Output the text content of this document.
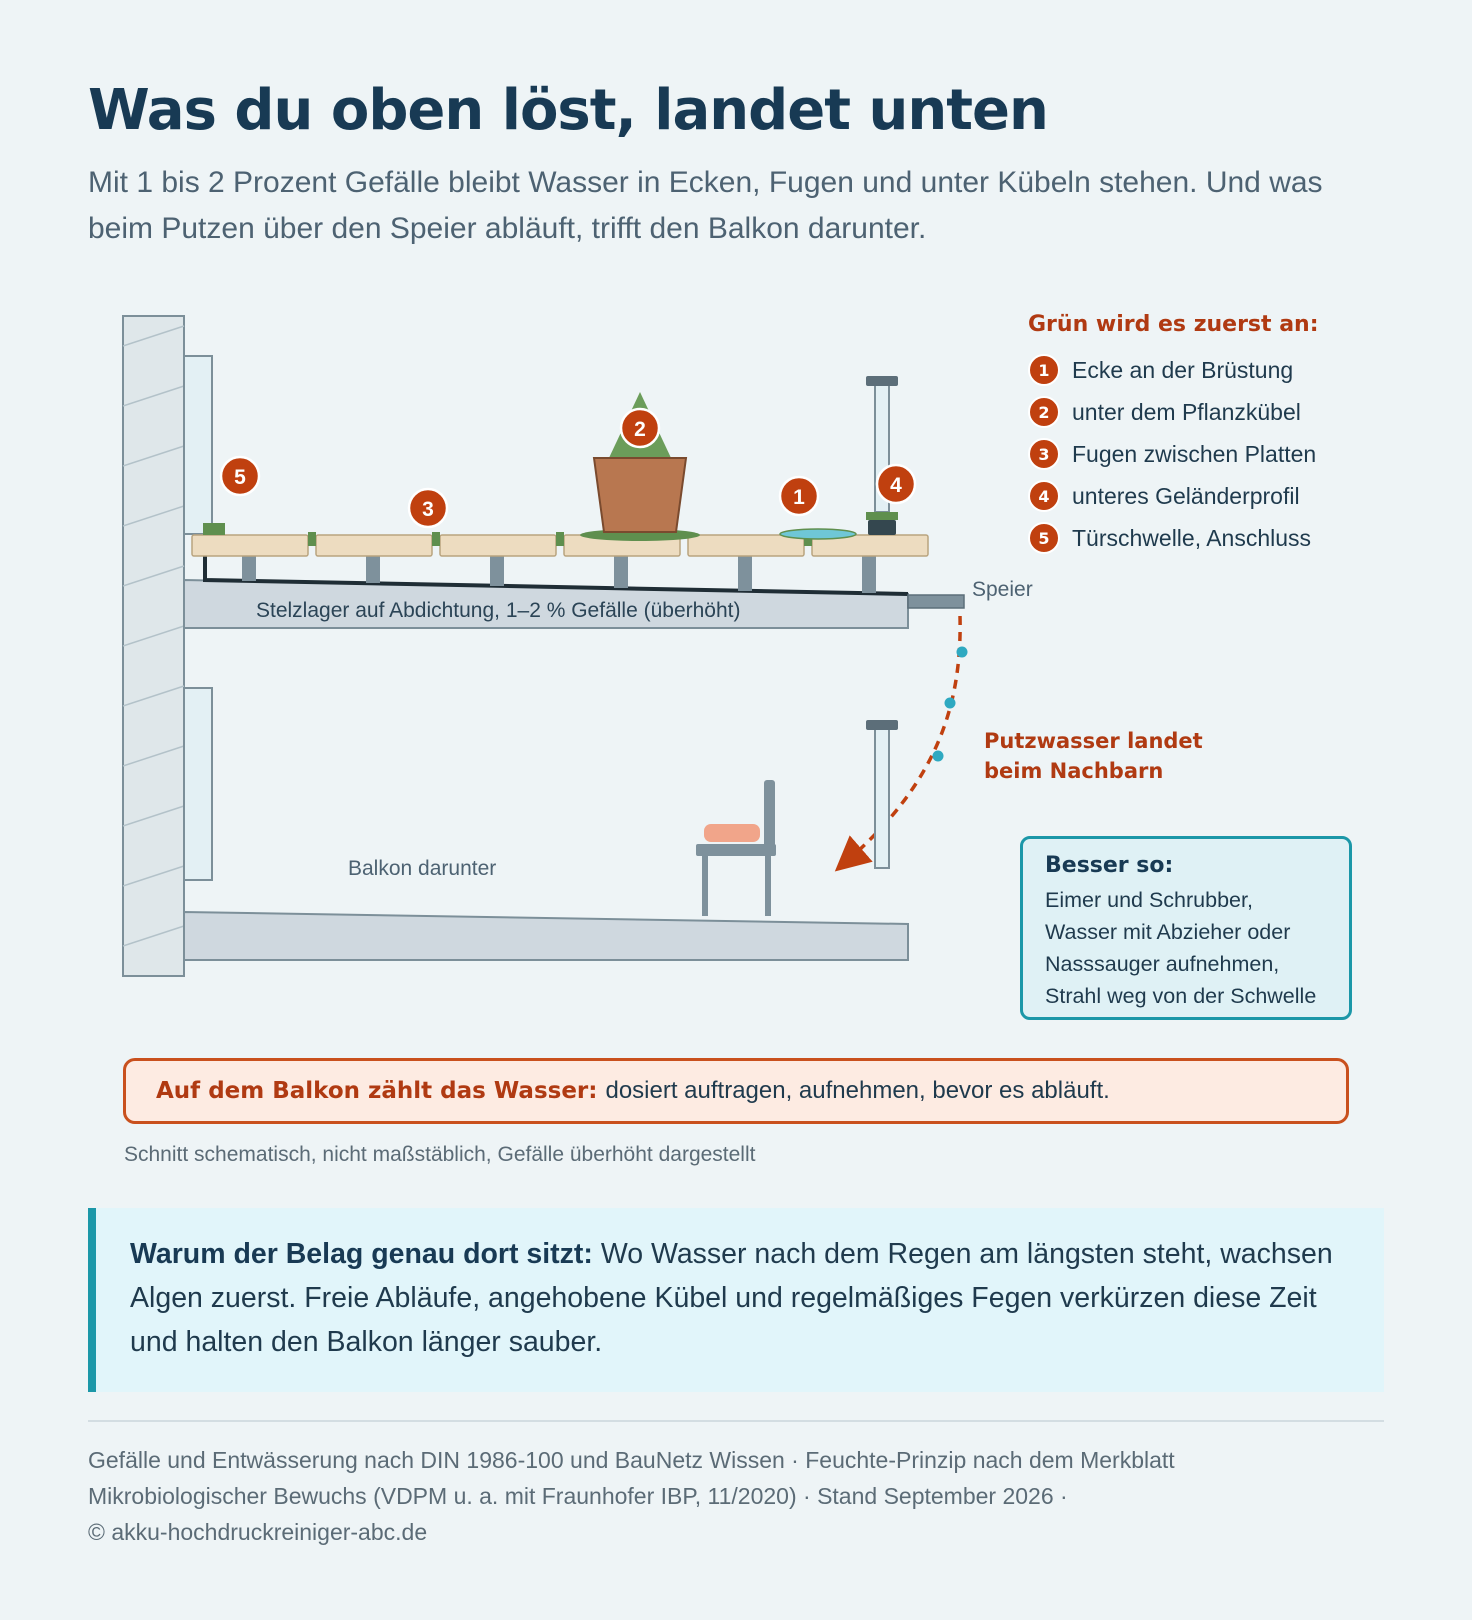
Was du oben löst, landet unten

Mit 1 bis 2 Prozent Gefälle bleibt Wasser in Ecken, Fugen und unter Kübeln stehen. Und was beim Putzen über den Speier abläuft, trifft den Balkon darunter.

Stelzlager auf Abdichtung, 1–2 % Gefälle (überhöht)
Speier
Balkon darunter
5
3
2
1
4
Grün wird es zuerst an:
1 Ecke an der Brüstung
2 unter dem Pflanzkübel
3 Fugen zwischen Platten
4 unteres Geländerprofil
5 Türschwelle, Anschluss
Putzwasser landet
beim Nachbarn
Besser so:
Eimer und Schrubber,
Wasser mit Abzieher oder
Nasssauger aufnehmen,
Strahl weg von der Schwelle
Auf dem Balkon zählt das Wasser: dosiert auftragen, aufnehmen, bevor es abläuft.
Schnitt schematisch, nicht maßstäblich, Gefälle überhöht dargestellt
Warum der Belag genau dort sitzt: Wo Wasser nach dem Regen am längsten steht, wachsen Algen zuerst. Freie Abläufe, angehobene Kübel und regelmäßiges Fegen verkürzen diese Zeit und halten den Balkon länger sauber.
Gefälle und Entwässerung nach DIN 1986-100 und BauNetz Wissen · Feuchte-Prinzip nach dem Merkblatt
Mikrobiologischer Bewuchs (VDPM u. a. mit Fraunhofer IBP, 11/2020) · Stand September 2026 ·
© akku-hochdruckreiniger-abc.de
